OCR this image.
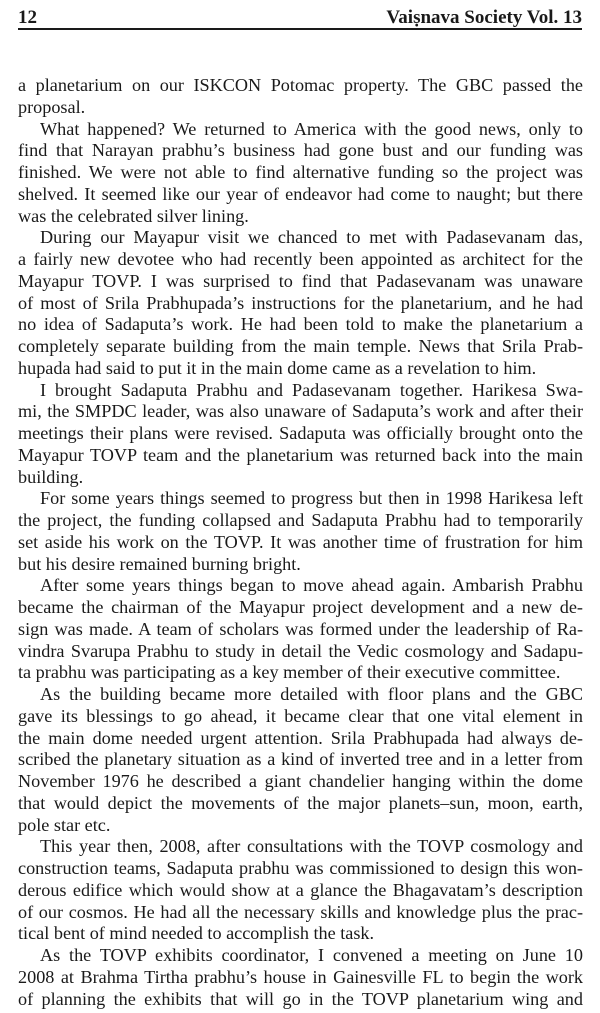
12	Vaiṣnava Society Vol. 13
a planetarium on our ISKCON Potomac property. The GBC passed the
proposal.
What happened? We returned to America with the good news, only to
find that Narayan prabhu’s business had gone bust and our funding was
finished. We were not able to find alternative funding so the project was
shelved. It seemed like our year of endeavor had come to naught; but there
was the celebrated silver lining.
During our Mayapur visit we chanced to met with Padasevanam das,
a fairly new devotee who had recently been appointed as architect for the
Mayapur TOVP. I was surprised to find that Padasevanam was unaware
of most of Srila Prabhupada’s instructions for the planetarium, and he had
no idea of Sadaputa’s work. He had been told to make the planetarium a
completely separate building from the main temple. News that Srila Prab-
hupada had said to put it in the main dome came as a revelation to him.
I brought Sadaputa Prabhu and Padasevanam together. Harikesa Swa-
mi, the SMPDC leader, was also unaware of Sadaputa’s work and after their
meetings their plans were revised. Sadaputa was officially brought onto the
Mayapur TOVP team and the planetarium was returned back into the main
building.
For some years things seemed to progress but then in 1998 Harikesa left
the project, the funding collapsed and Sadaputa Prabhu had to temporarily
set aside his work on the TOVP. It was another time of frustration for him
but his desire remained burning bright.
After some years things began to move ahead again. Ambarish Prabhu
became the chairman of the Mayapur project development and a new de-
sign was made. A team of scholars was formed under the leadership of Ra-
vindra Svarupa Prabhu to study in detail the Vedic cosmology and Sadapu-
ta prabhu was participating as a key member of their executive committee.
As the building became more detailed with floor plans and the GBC
gave its blessings to go ahead, it became clear that one vital element in
the main dome needed urgent attention. Srila Prabhupada had always de-
scribed the planetary situation as a kind of inverted tree and in a letter from
November 1976 he described a giant chandelier hanging within the dome
that would depict the movements of the major planets–sun, moon, earth,
pole star etc.
This year then, 2008, after consultations with the TOVP cosmology and
construction teams, Sadaputa prabhu was commissioned to design this won-
derous edifice which would show at a glance the Bhagavatam’s description
of our cosmos. He had all the necessary skills and knowledge plus the prac-
tical bent of mind needed to accomplish the task.
As the TOVP exhibits coordinator, I convened a meeting on June 10
2008 at Brahma Tirtha prabhu’s house in Gainesville FL to begin the work
of planning the exhibits that will go in the TOVP planetarium wing and
